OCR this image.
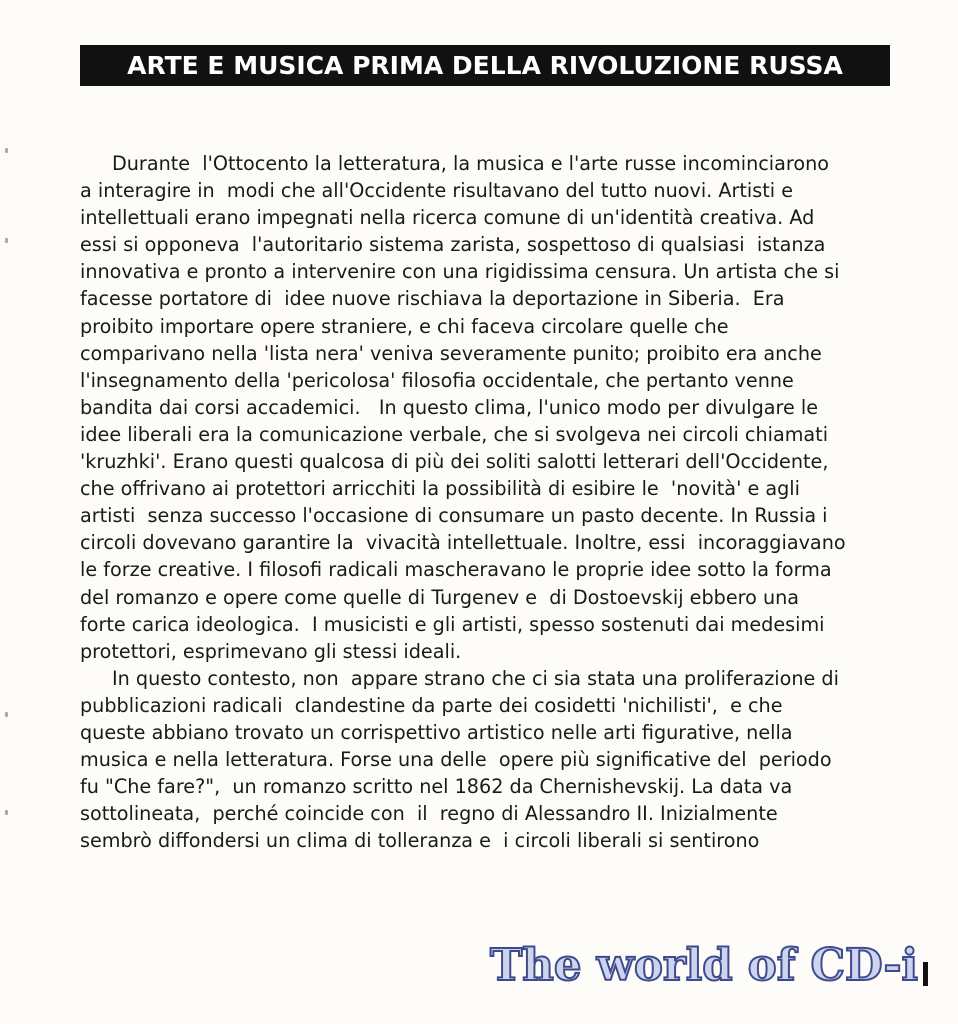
ARTE E MUSICA PRIMA DELLA RIVOLUZIONE RUSSA
Durante  l'Ottocento la letteratura, la musica e l'arte russe incominciarono
a interagire in  modi che all'Occidente risultavano del tutto nuovi. Artisti e
intellettuali erano impegnati nella ricerca comune di un'identità creativa. Ad
essi si opponeva  l'autoritario sistema zarista, sospettoso di qualsiasi  istanza
innovativa e pronto a intervenire con una rigidissima censura. Un artista che si
facesse portatore di  idee nuove rischiava la deportazione in Siberia.  Era
proibito importare opere straniere, e chi faceva circolare quelle che
comparivano nella 'lista nera' veniva severamente punito; proibito era anche
l'insegnamento della 'pericolosa' filosofia occidentale, che pertanto venne
bandita dai corsi accademici.   In questo clima, l'unico modo per divulgare le
idee liberali era la comunicazione verbale, che si svolgeva nei circoli chiamati
'kruzhki'. Erano questi qualcosa di più dei soliti salotti letterari dell'Occidente,
che offrivano ai protettori arricchiti la possibilità di esibire le  'novità' e agli
artisti  senza successo l'occasione di consumare un pasto decente. In Russia i
circoli dovevano garantire la  vivacità intellettuale. Inoltre, essi  incoraggiavano
le forze creative. I filosofi radicali mascheravano le proprie idee sotto la forma
del romanzo e opere come quelle di Turgenev e  di Dostoevskij ebbero una
forte carica ideologica.  I musicisti e gli artisti, spesso sostenuti dai medesimi
protettori, esprimevano gli stessi ideali.
In questo contesto, non  appare strano che ci sia stata una proliferazione di
pubblicazioni radicali  clandestine da parte dei cosidetti 'nichilisti',  e che
queste abbiano trovato un corrispettivo artistico nelle arti figurative, nella
musica e nella letteratura. Forse una delle  opere più significative del  periodo
fu "Che fare?",  un romanzo scritto nel 1862 da Chernishevskij. La data va
sottolineata,  perché coincide con  il  regno di Alessandro II. Inizialmente
sembrò diffondersi un clima di tolleranza e  i circoli liberali si sentirono
The world of CD-i
